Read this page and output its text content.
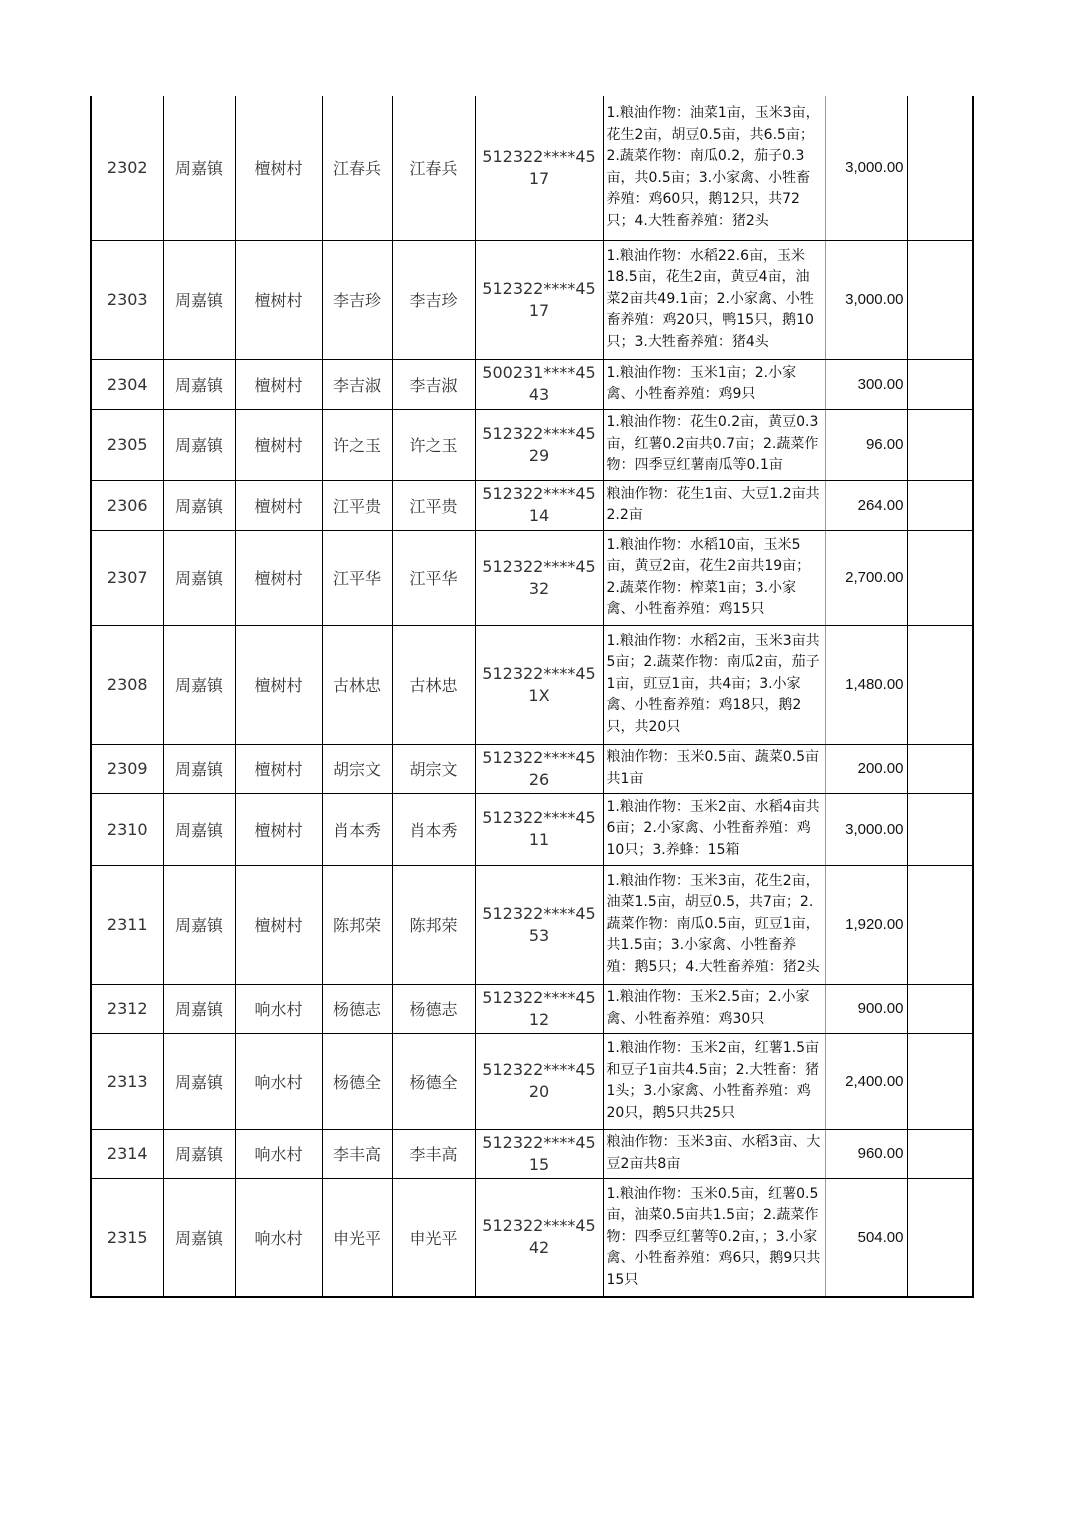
2302	周嘉镇	檀树村	江春兵	江春兵	512322****4517	1.粮油作物：油菜1亩，玉米3亩，花生2亩，胡豆0.5亩，共6.5亩；2.蔬菜作物：南瓜0.2，茄子0.3亩，共0.5亩；3.小家禽、小牲畜养殖：鸡60只，鹅12只，共72只；4.大牲畜养殖：猪2头	3,000.00	
2303	周嘉镇	檀树村	李吉珍	李吉珍	512322****4517	1.粮油作物：水稻22.6亩，玉米18.5亩，花生2亩，黄豆4亩，油菜2亩共49.1亩；2.小家禽、小牲畜养殖：鸡20只，鸭15只，鹅10只；3.大牲畜养殖：猪4头	3,000.00	
2304	周嘉镇	檀树村	李吉淑	李吉淑	500231****4543	1.粮油作物：玉米1亩；2.小家禽、小牲畜养殖：鸡9只	300.00	
2305	周嘉镇	檀树村	许之玉	许之玉	512322****4529	1.粮油作物：花生0.2亩，黄豆0.3亩，红薯0.2亩共0.7亩；2.蔬菜作物：四季豆红薯南瓜等0.1亩	96.00	
2306	周嘉镇	檀树村	江平贵	江平贵	512322****4514	粮油作物：花生1亩、大豆1.2亩共2.2亩	264.00	
2307	周嘉镇	檀树村	江平华	江平华	512322****4532	1.粮油作物：水稻10亩，玉米5亩，黄豆2亩，花生2亩共19亩；2.蔬菜作物：榨菜1亩；3.小家禽、小牲畜养殖：鸡15只	2,700.00	
2308	周嘉镇	檀树村	古林忠	古林忠	512322****451X	1.粮油作物：水稻2亩，玉米3亩共5亩；2.蔬菜作物：南瓜2亩，茄子1亩，豇豆1亩，共4亩；3.小家禽、小牲畜养殖：鸡18只，鹅2只，共20只	1,480.00	
2309	周嘉镇	檀树村	胡宗文	胡宗文	512322****4526	粮油作物：玉米0.5亩、蔬菜0.5亩共1亩	200.00	
2310	周嘉镇	檀树村	肖本秀	肖本秀	512322****4511	1.粮油作物：玉米2亩、水稻4亩共6亩；2.小家禽、小牲畜养殖：鸡10只；3.养蜂：15箱	3,000.00	
2311	周嘉镇	檀树村	陈邦荣	陈邦荣	512322****4553	1.粮油作物：玉米3亩，花生2亩，油菜1.5亩，胡豆0.5，共7亩；2.蔬菜作物：南瓜0.5亩，豇豆1亩，共1.5亩；3.小家禽、小牲畜养殖：鹅5只；4.大牲畜养殖：猪2头	1,920.00	
2312	周嘉镇	响水村	杨德志	杨德志	512322****4512	1.粮油作物：玉米2.5亩；2.小家禽、小牲畜养殖：鸡30只	900.00	
2313	周嘉镇	响水村	杨德全	杨德全	512322****4520	1.粮油作物：玉米2亩，红薯1.5亩和豆子1亩共4.5亩；2.大牲畜：猪1头；3.小家禽、小牲畜养殖：鸡20只，鹅5只共25只	2,400.00	
2314	周嘉镇	响水村	李丰高	李丰高	512322****4515	粮油作物：玉米3亩、水稻3亩、大豆2亩共8亩	960.00	
2315	周嘉镇	响水村	申光平	申光平	512322****4542	1.粮油作物：玉米0.5亩，红薯0.5亩，油菜0.5亩共1.5亩；2.蔬菜作物：四季豆红薯等0.2亩，；3.小家禽、小牲畜养殖：鸡6只，鹅9只共15只	504.00	
